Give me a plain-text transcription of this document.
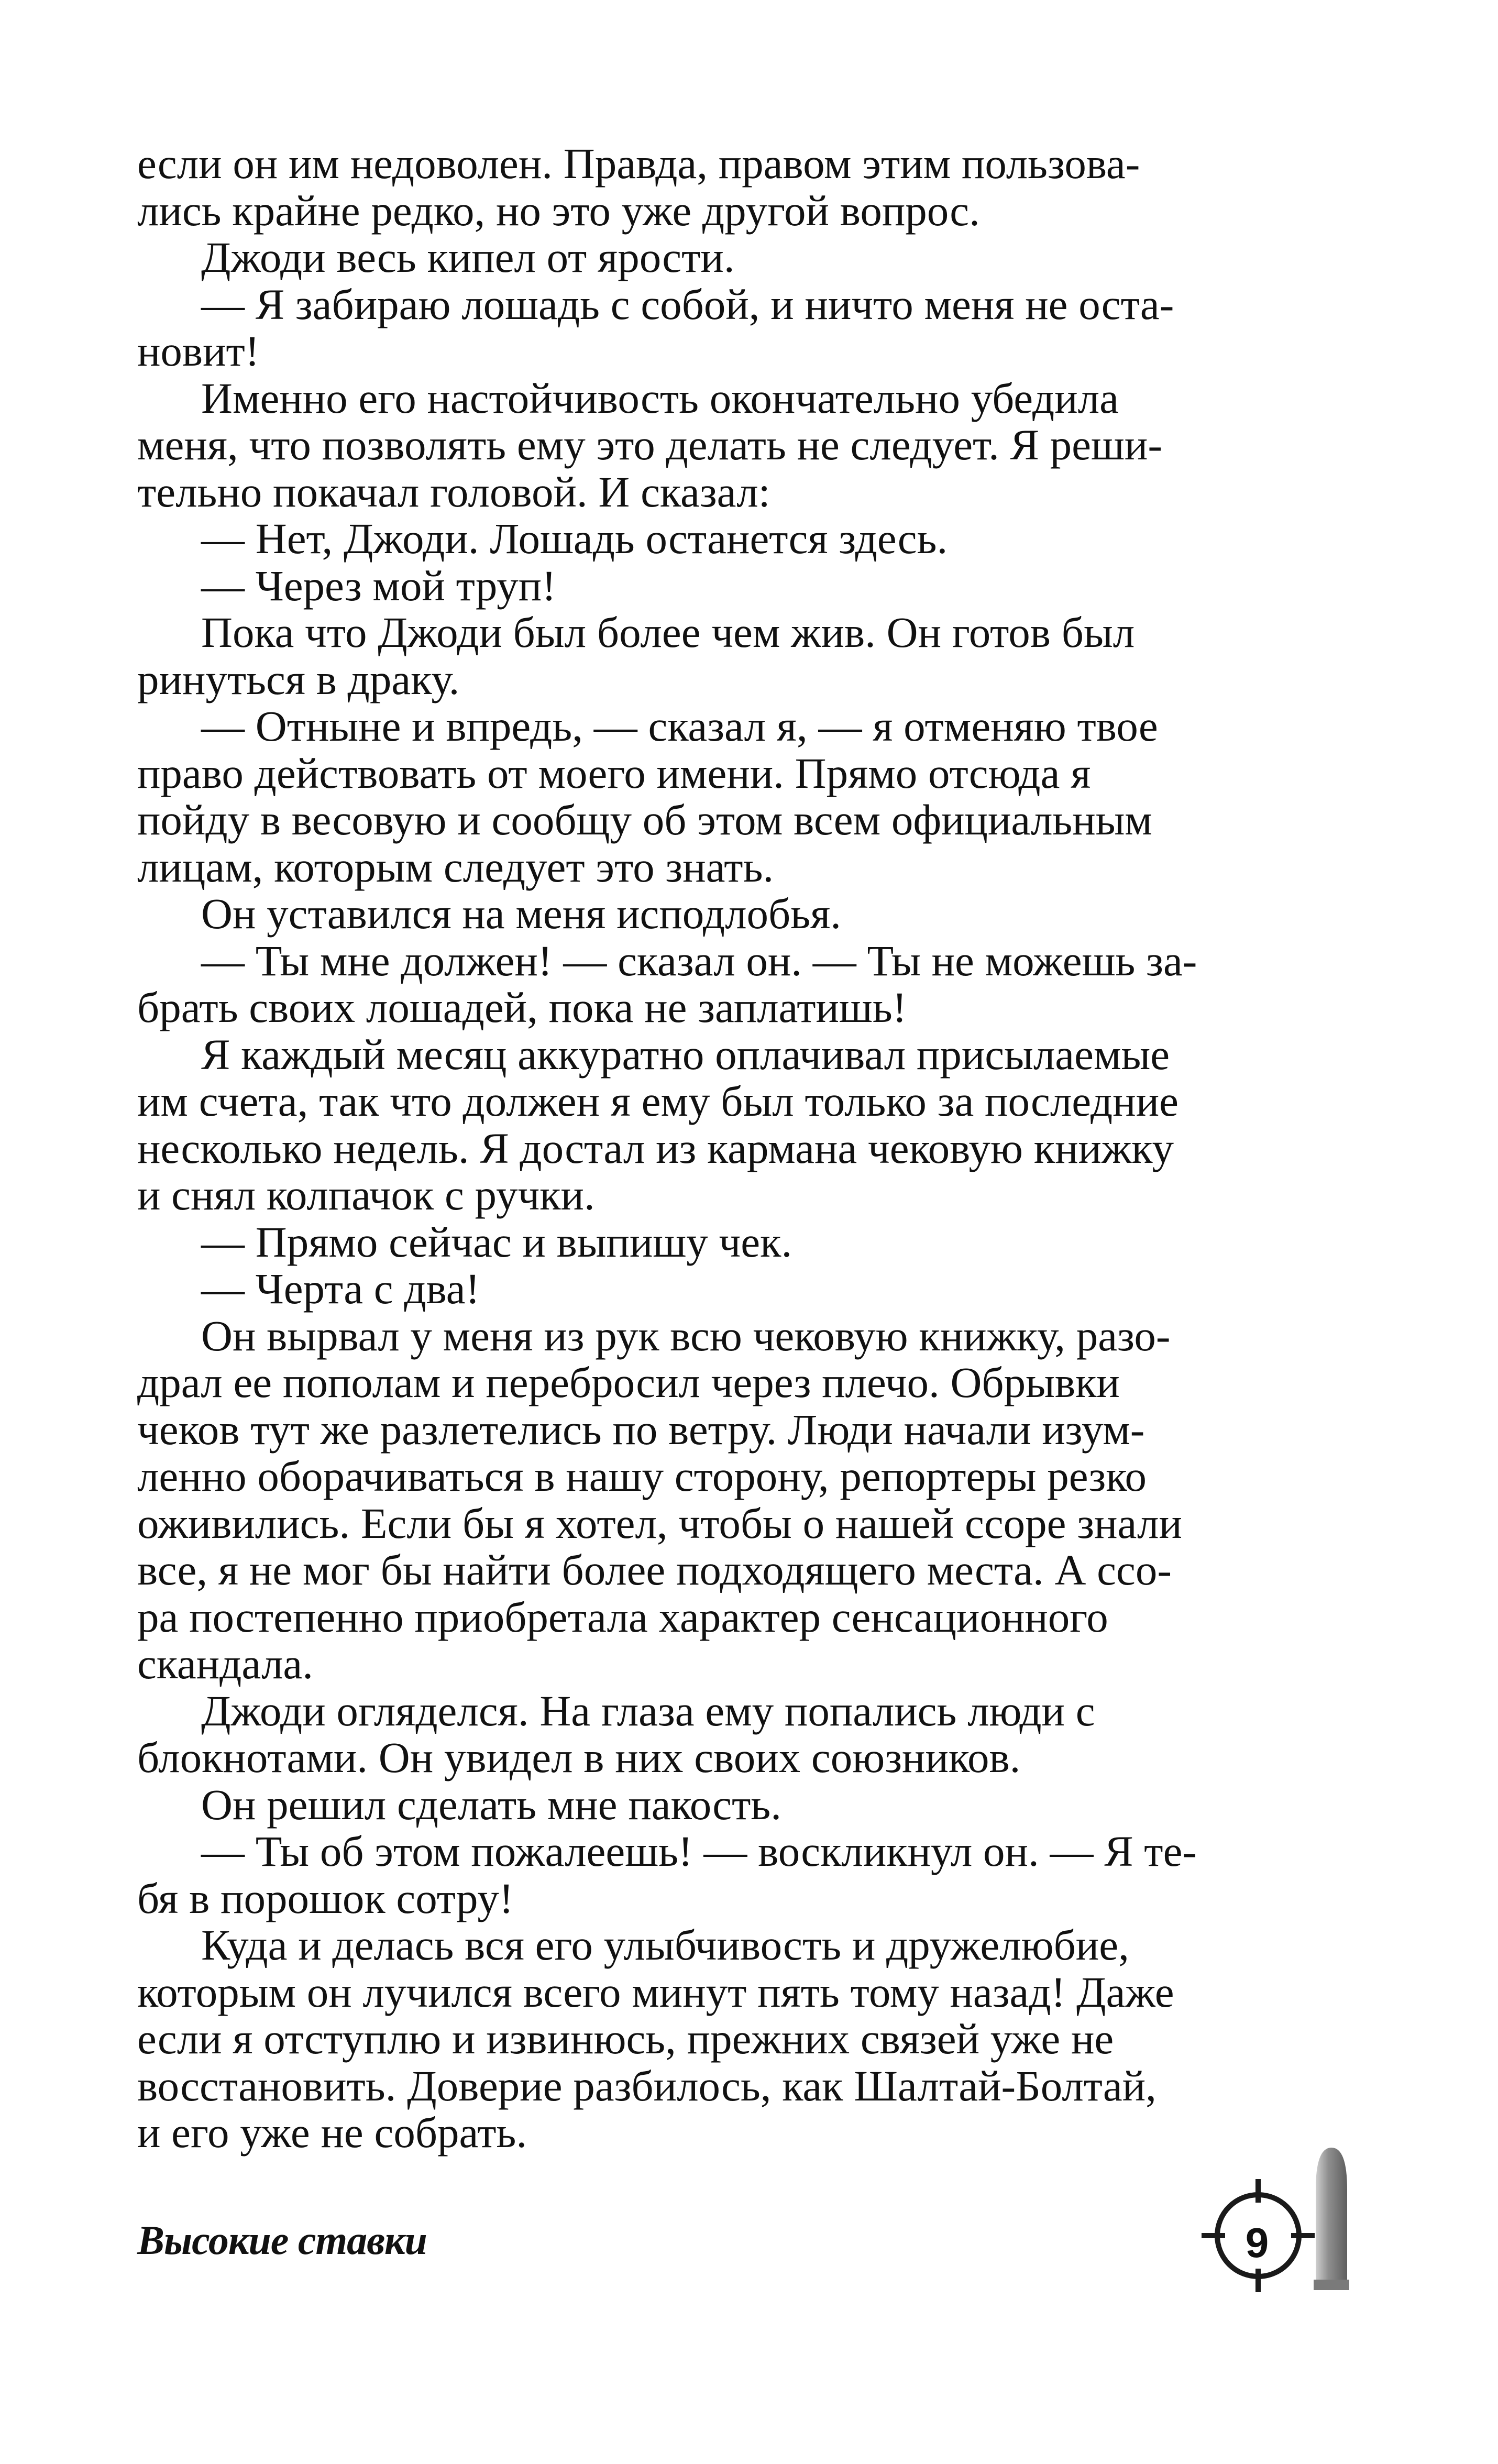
если он им недоволен. Правда, правом этим пользова-
лись крайне редко, но это уже другой вопрос.
Джоди весь кипел от ярости.
— Я забираю лошадь с собой, и ничто меня не оста-
новит!
Именно его настойчивость окончательно убедила
меня, что позволять ему это делать не следует. Я реши-
тельно покачал головой. И сказал:
— Нет, Джоди. Лошадь останется здесь.
— Через мой труп!
Пока что Джоди был более чем жив. Он готов был
ринуться в драку.
— Отныне и впредь, — сказал я, — я отменяю твое
право действовать от моего имени. Прямо отсюда я
пойду в весовую и сообщу об этом всем официальным
лицам, которым следует это знать.
Он уставился на меня исподлобья.
— Ты мне должен! — сказал он. — Ты не можешь за-
брать своих лошадей, пока не заплатишь!
Я каждый месяц аккуратно оплачивал присылаемые
им счета, так что должен я ему был только за последние
несколько недель. Я достал из кармана чековую книжку
и снял колпачок с ручки.
— Прямо сейчас и выпишу чек.
— Черта с два!
Он вырвал у меня из рук всю чековую книжку, разо-
драл ее пополам и перебросил через плечо. Обрывки
чеков тут же разлетелись по ветру. Люди начали изум-
ленно оборачиваться в нашу сторону, репортеры резко
оживились. Если бы я хотел, чтобы о нашей ссоре знали
все, я не мог бы найти более подходящего места. А ссо-
ра постепенно приобретала характер сенсационного
скандала.
Джоди огляделся. На глаза ему попались люди с
блокнотами. Он увидел в них своих союзников.
Он решил сделать мне пакость.
— Ты об этом пожалеешь! — воскликнул он. — Я те-
бя в порошок сотру!
Куда и делась вся его улыбчивость и дружелюбие,
которым он лучился всего минут пять тому назад! Даже
если я отступлю и извинюсь, прежних связей уже не
восстановить. Доверие разбилось, как Шалтай-Болтай,
и его уже не собрать.
Высокие ставки	9
